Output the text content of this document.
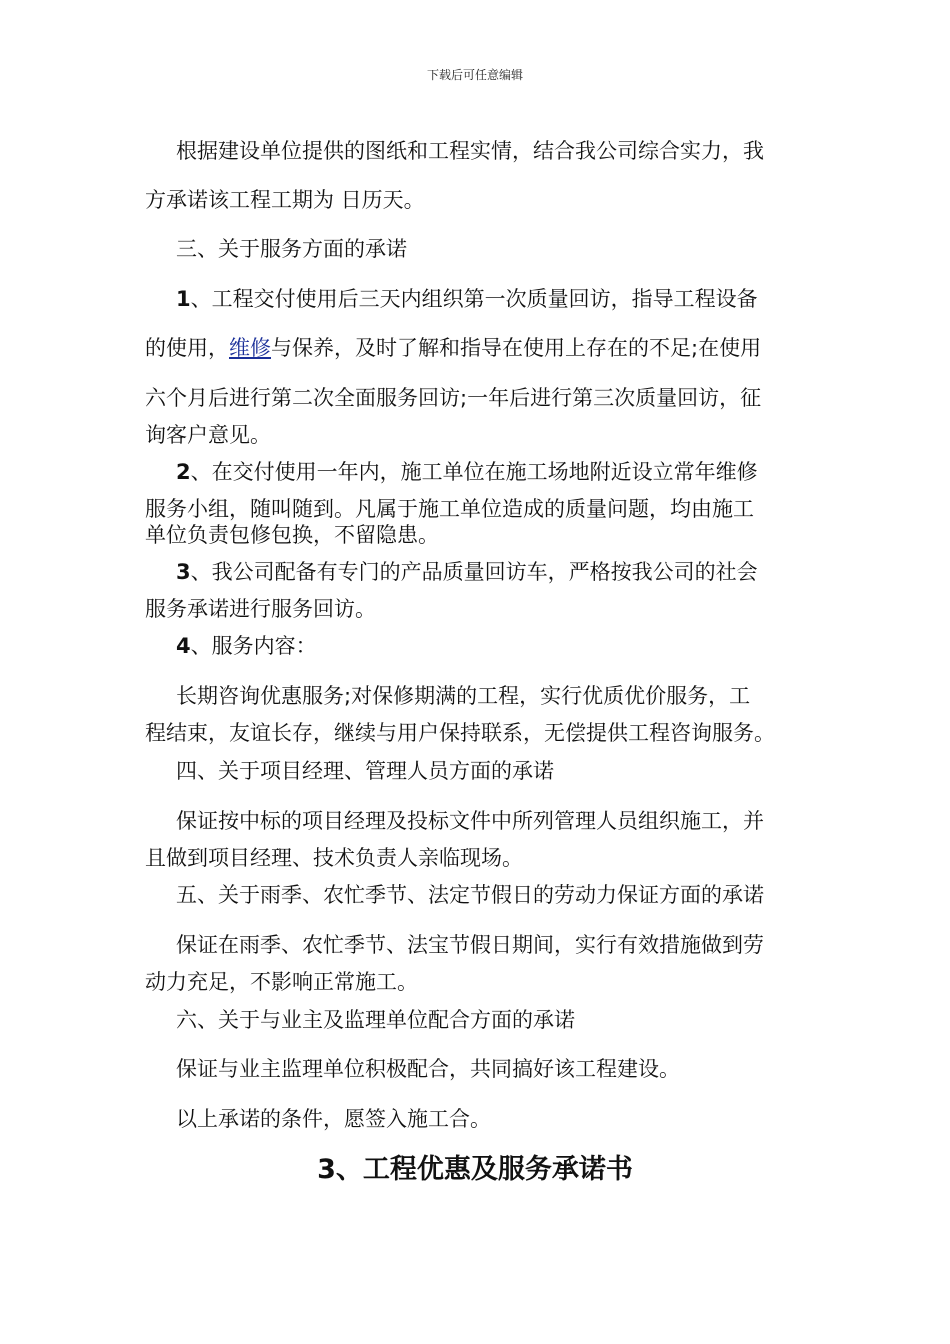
下载后可任意编辑
根据建设单位提供的图纸和工程实情，结合我公司综合实力，我
方承诺该工程工期为 日历天。
三、关于服务方面的承诺
1、工程交付使用后三天内组织第一次质量回访，指导工程设备
的使用，维修与保养，及时了解和指导在使用上存在的不足;在使用
六个月后进行第二次全面服务回访;一年后进行第三次质量回访，征
询客户意见。
2、在交付使用一年内，施工单位在施工场地附近设立常年维修
服务小组，随叫随到。凡属于施工单位造成的质量问题，均由施工
单位负责包修包换，不留隐患。
3、我公司配备有专门的产品质量回访车，严格按我公司的社会
服务承诺进行服务回访。
4、服务内容：
长期咨询优惠服务;对保修期满的工程，实行优质优价服务，工
程结束，友谊长存，继续与用户保持联系，无偿提供工程咨询服务。
四、关于项目经理、管理人员方面的承诺
保证按中标的项目经理及投标文件中所列管理人员组织施工，并
且做到项目经理、技术负责人亲临现场。
五、关于雨季、农忙季节、法定节假日的劳动力保证方面的承诺
保证在雨季、农忙季节、法宝节假日期间，实行有效措施做到劳
动力充足，不影响正常施工。
六、关于与业主及监理单位配合方面的承诺
保证与业主监理单位积极配合，共同搞好该工程建设。
以上承诺的条件，愿签入施工合。
3、工程优惠及服务承诺书
